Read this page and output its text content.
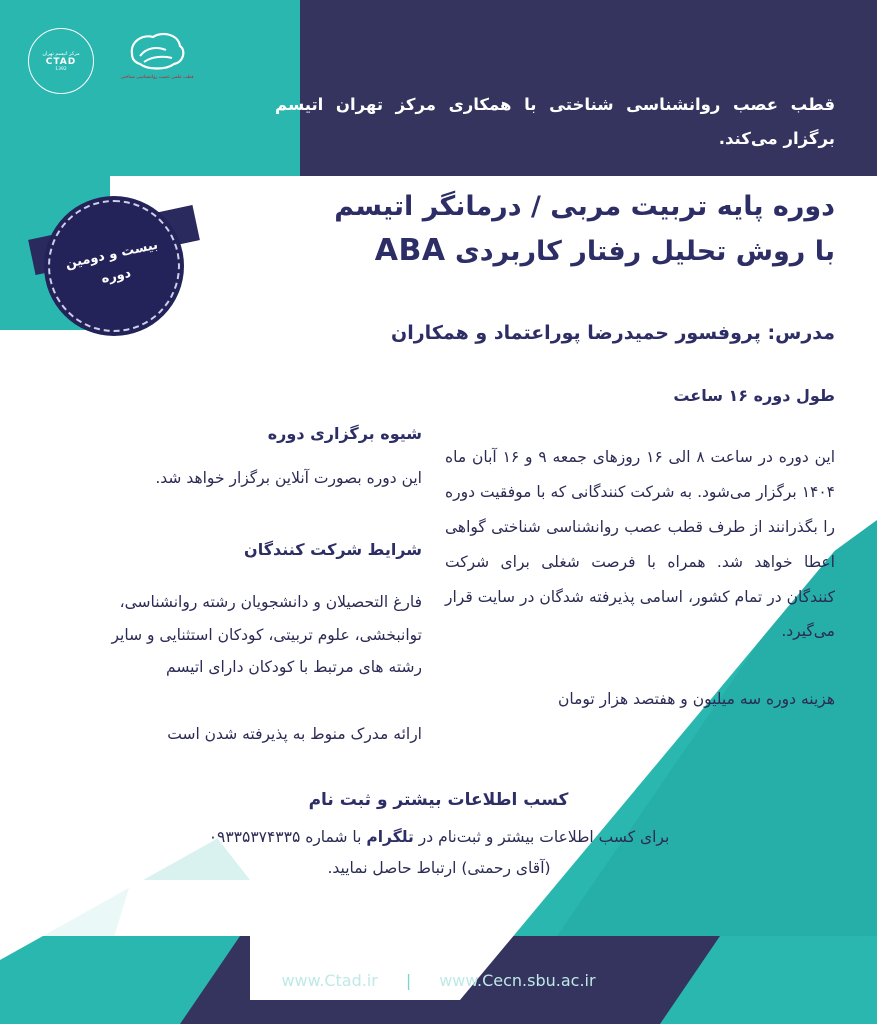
قطب علمی عصب روانشناسی شناختی
مرکز اتیسم تهران
CTAD
1392
بیست و دومین
دوره
قطب عصب روانشناسی شناختی با همکاری مرکز تهران اتیسم برگزار می‌کند.
دوره پایه تربیت مربی / درمانگر اتیسم
با روش تحلیل رفتار کاربردی ABA
مدرس: پروفسور حمیدرضا پوراعتماد و همکاران
طول دوره ۱۶ ساعت
این دوره در ساعت ۸ الی ۱۶ روزهای جمعه ۹ و ۱۶ آبان ماه ۱۴۰۴ برگزار می‌شود. به شرکت کنندگانی که با موفقیت دوره را بگذرانند از طرف قطب عصب روانشناسی شناختی گواهی اعطا خواهد شد. همراه با فرصت شغلی برای شرکت کنندگان در تمام کشور، اسامی پذیرفته شدگان در سایت قرار می‌گیرد.
هزینه دوره سه میلیون و هفتصد هزار تومان
شیوه برگزاری دوره
این دوره بصورت آنلاین برگزار خواهد شد.
شرایط شرکت کنندگان
فارغ التحصیلان و دانشجویان رشته روانشناسی، توانبخشی، علوم تربیتی، کودکان استثنایی و سایر رشته های مرتبط با کودکان دارای اتیسم
ارائه مدرک منوط به پذیرفته شدن است
کسب اطلاعات بیشتر و ثبت نام
برای کسب اطلاعات بیشتر و ثبت‌نام در تلگرام با شماره ۰۹۳۳۵۳۷۴۳۳۵
(آقای رحمتی) ارتباط حاصل نمایید.
www.Ctad.ir | www.Cecn.sbu.ac.ir
